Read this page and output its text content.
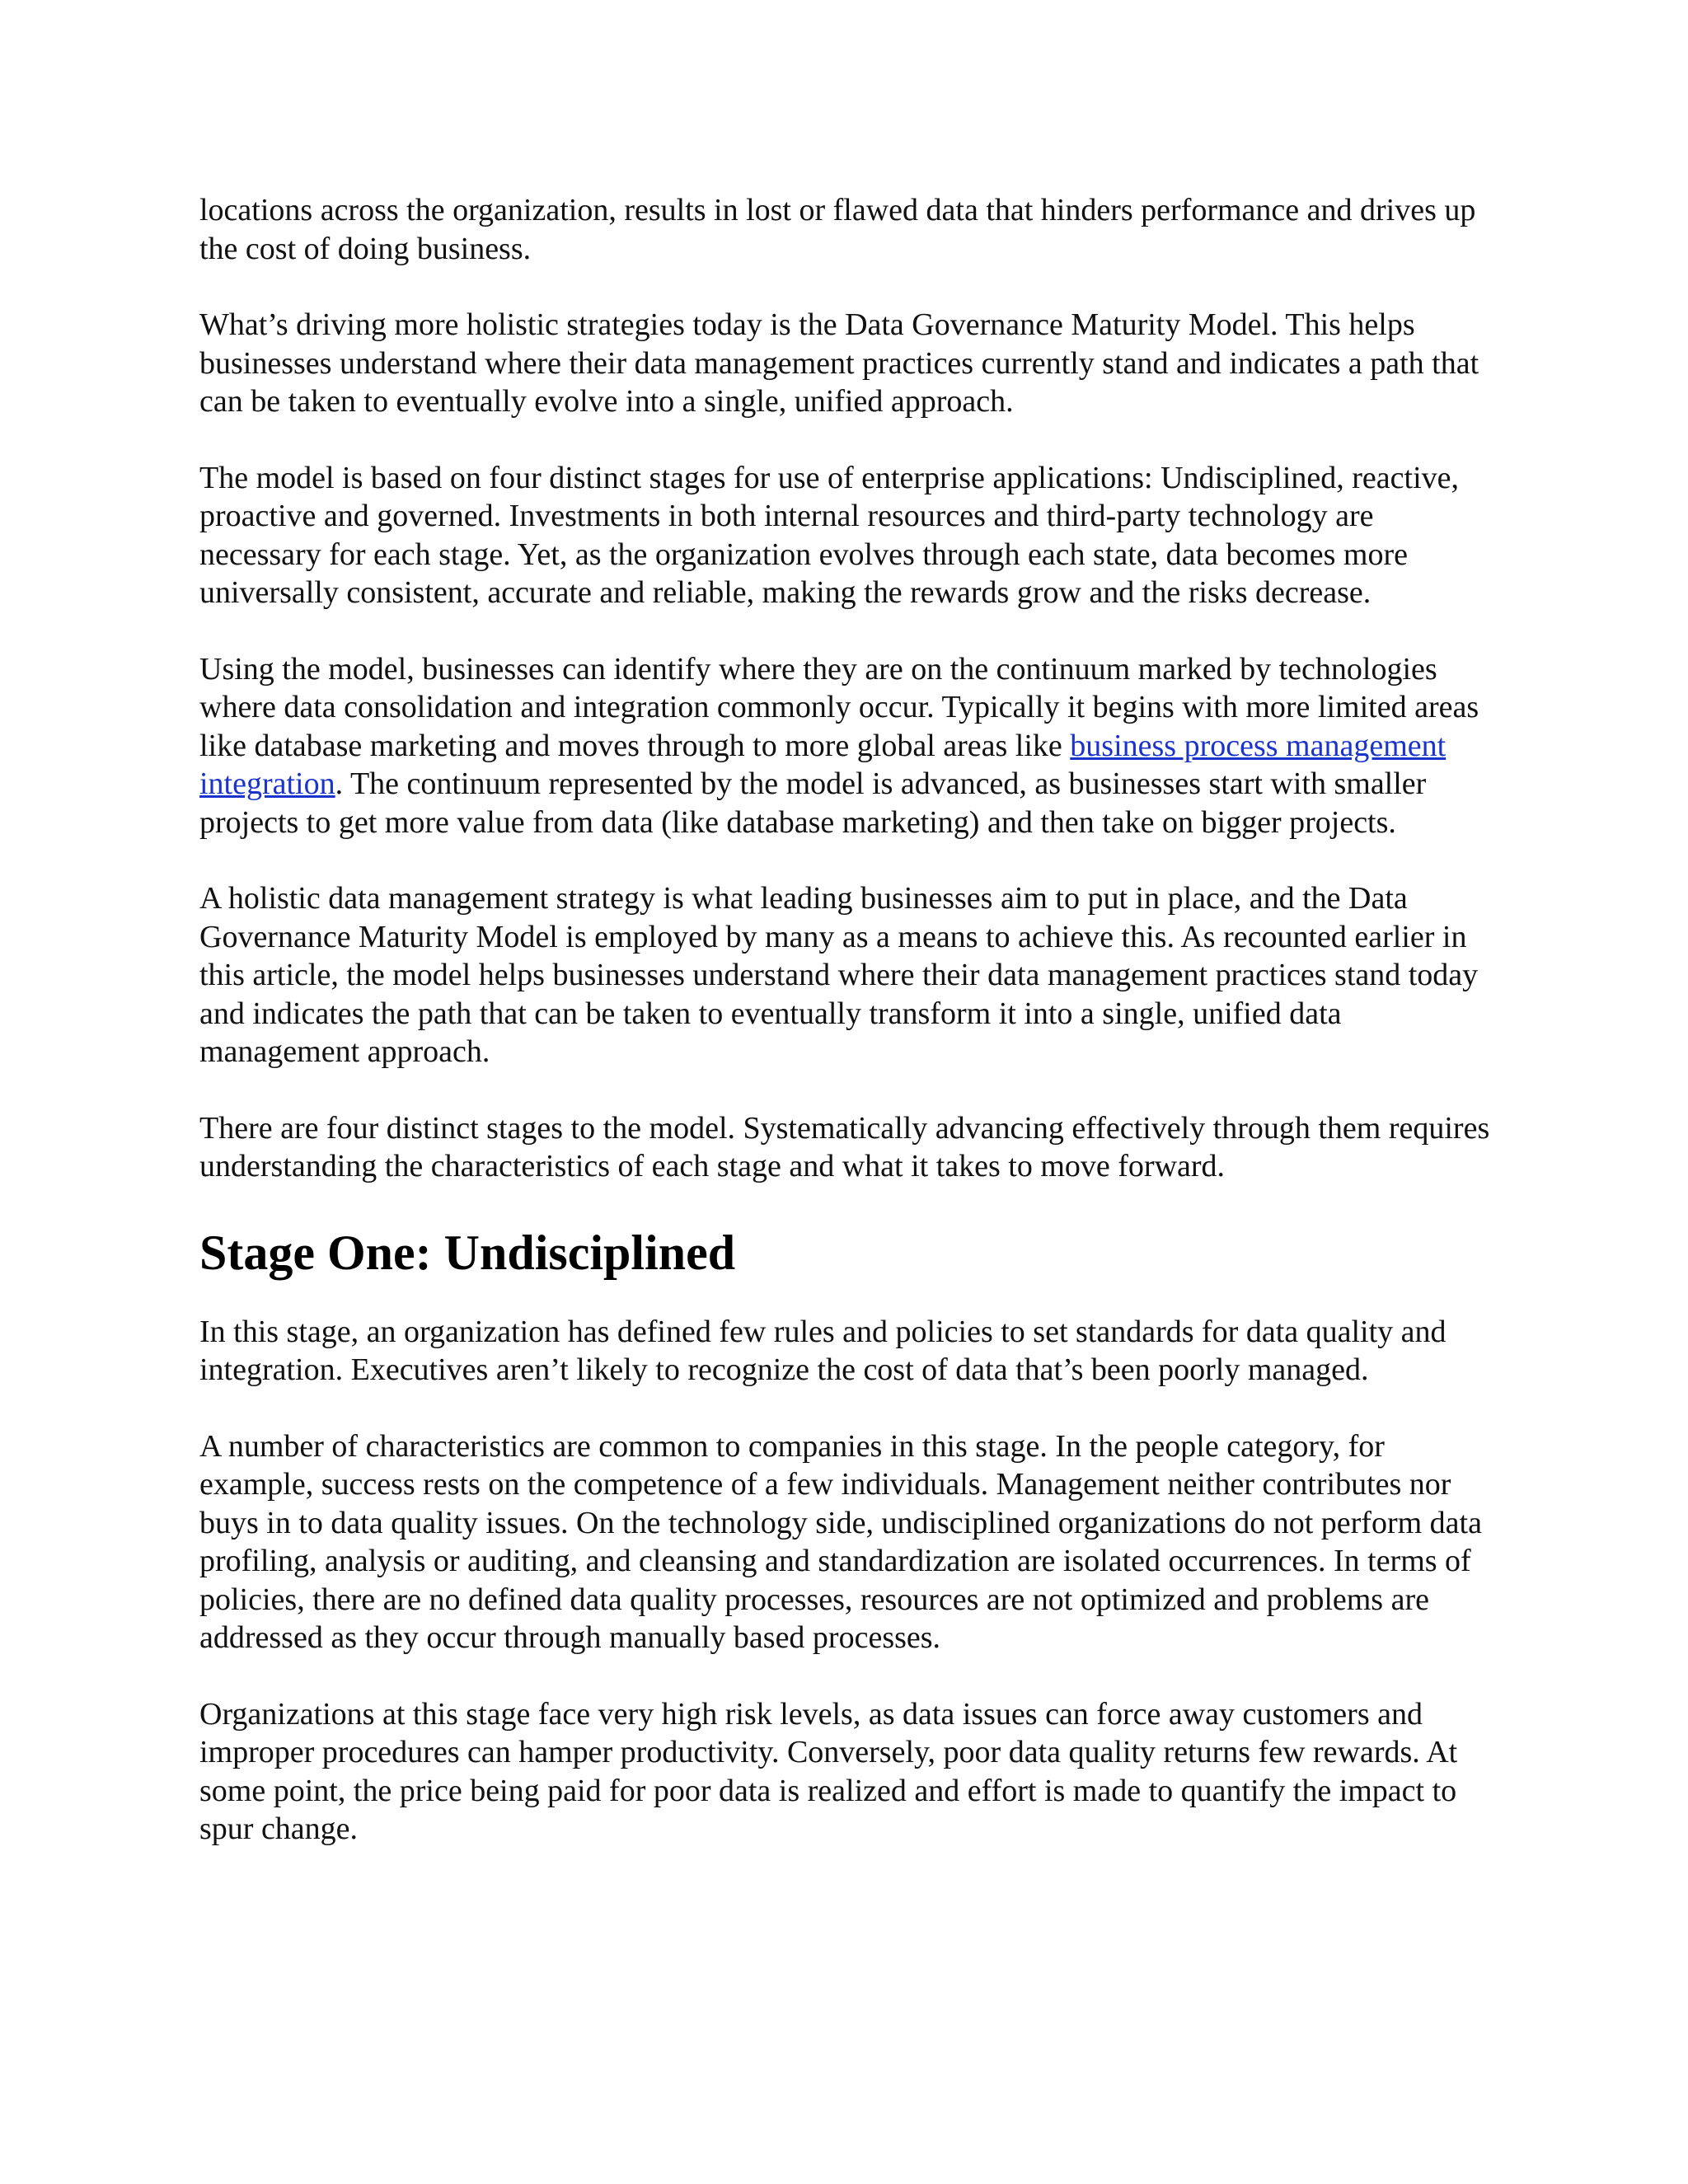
locations across the organization, results in lost or flawed data that hinders performance and drives up the cost of doing business.

What’s driving more holistic strategies today is the Data Governance Maturity Model. This helps businesses understand where their data management practices currently stand and indicates a path that can be taken to eventually evolve into a single, unified approach.

The model is based on four distinct stages for use of enterprise applications: Undisciplined, reactive, proactive and governed. Investments in both internal resources and third-party technology are necessary for each stage. Yet, as the organization evolves through each state, data becomes more universally consistent, accurate and reliable, making the rewards grow and the risks decrease.

Using the model, businesses can identify where they are on the continuum marked by technologies where data consolidation and integration commonly occur. Typically it begins with more limited areas like database marketing and moves through to more global areas like business process management integration. The continuum represented by the model is advanced, as businesses start with smaller projects to get more value from data (like database marketing) and then take on bigger projects.

A holistic data management strategy is what leading businesses aim to put in place, and the Data Governance Maturity Model is employed by many as a means to achieve this. As recounted earlier in this article, the model helps businesses understand where their data management practices stand today and indicates the path that can be taken to eventually transform it into a single, unified data management approach.

There are four distinct stages to the model. Systematically advancing effectively through them requires understanding the characteristics of each stage and what it takes to move forward.

Stage One: Undisciplined

In this stage, an organization has defined few rules and policies to set standards for data quality and integration. Executives aren’t likely to recognize the cost of data that’s been poorly managed.

A number of characteristics are common to companies in this stage. In the people category, for example, success rests on the competence of a few individuals. Management neither contributes nor buys in to data quality issues. On the technology side, undisciplined organizations do not perform data profiling, analysis or auditing, and cleansing and standardization are isolated occurrences. In terms of policies, there are no defined data quality processes, resources are not optimized and problems are addressed as they occur through manually based processes.

Organizations at this stage face very high risk levels, as data issues can force away customers and improper procedures can hamper productivity. Conversely, poor data quality returns few rewards. At some point, the price being paid for poor data is realized and effort is made to quantify the impact to spur change.
